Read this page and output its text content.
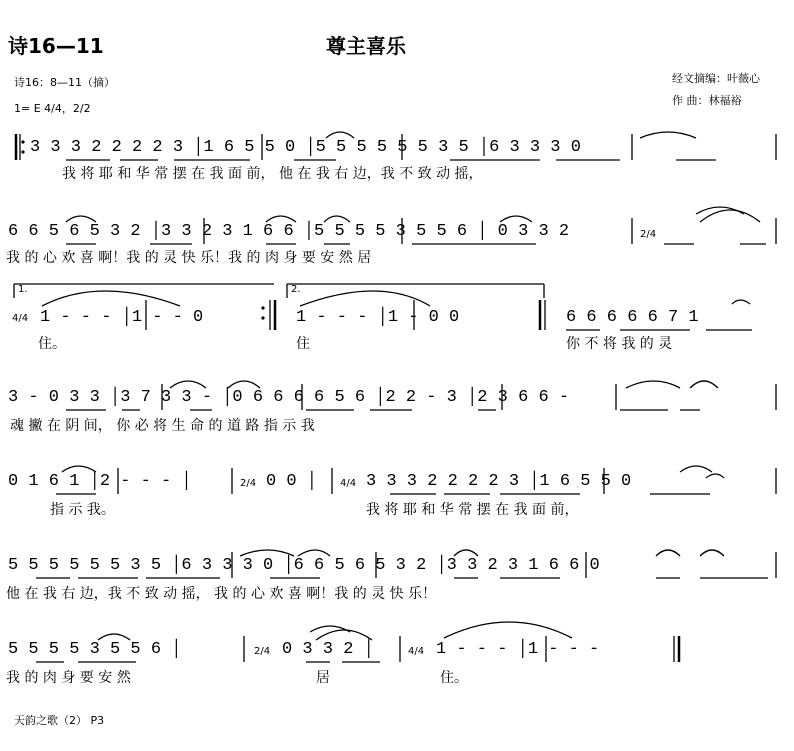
诗16—11	尊主喜乐
诗16：8—11（摘）
1= E 4/4，2/2
经文摘编：叶薇心
作 曲：林福裕
3 3 3 2 2 2 2 3 │1 6 5 5 0 │5 5 5 5 5 5 3 5 │6 3 3 3 0
我 将 耶 和 华 常 摆 在 我 面 前， 他 在 我 右 边，我 不 致 动 摇，
2/4
6 6 5 6 5 3 2 │3 3 2 3 1 6 6 │5 5 5 5 3 5 5 6 │ 0 3 3 2
我 的 心 欢 喜 啊！我 的 灵 快 乐！我 的 肉 身 要 安 然 居
1.	2.
4/4 1 - - - │1 - - 0	1 - - - │1 - 0 0	6 6 6 6 6 7 1
住。	住	你 不 将 我 的 灵
3 - 0 3 3 │3 7 3 3 - │0 6 6 6 6 5 6 │2 2 - 3 │2 3 6 6 -
魂 撇 在 阴 间， 你 必 将 生 命 的 道 路 指 示 我
0 1 6 1 │2 - - - │	2/4 0 0 │ 4/4 3 3 3 2 2 2 2 3 │1 6 5 5 0
指 示 我。	我 将 耶 和 华 常 摆 在 我 面 前，
5 5 5 5 5 5 3 5 │6 3 3 3 0 │6 6 5 6 5 3 2 │3 3 2 3 1 6 6 0
他 在 我 右 边，我 不 致 动 摇， 我 的 心 欢 喜 啊！我 的 灵 快 乐！
5 5 5 5 3 5 5 6 │	2/4 0 3 3 2 │	4/4 1 - - - │1 - - -
我 的 肉 身 要 安 然	居	住。
天韵之歌（2） P3
